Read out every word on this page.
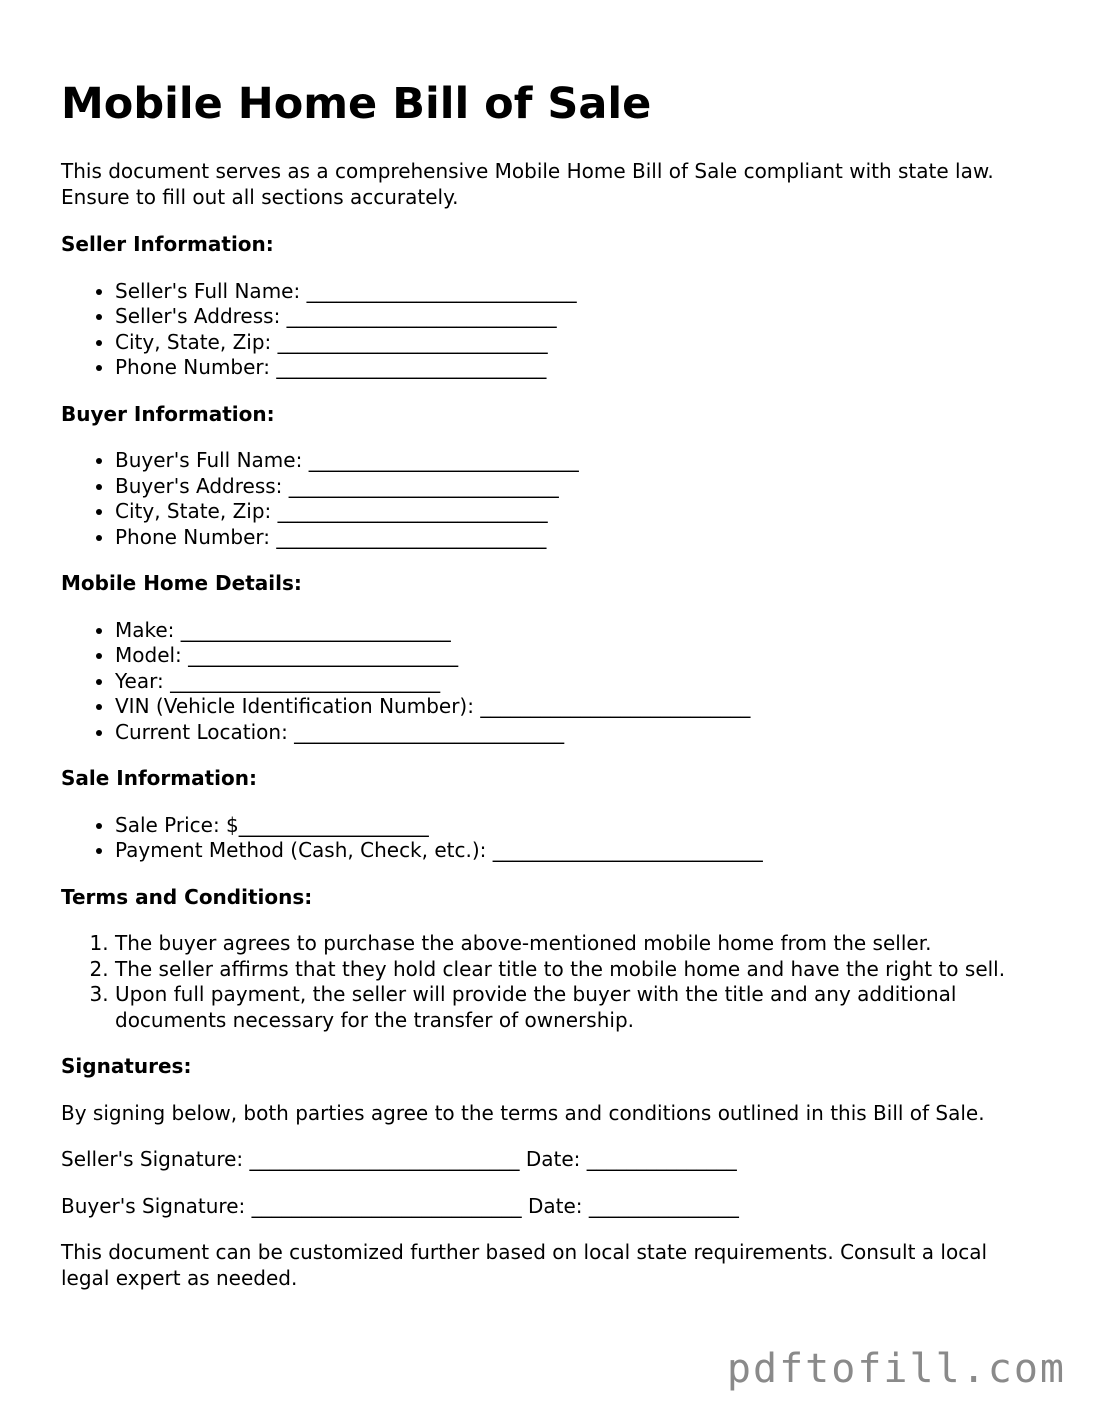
Mobile Home Bill of Sale

This document serves as a comprehensive Mobile Home Bill of Sale compliant with state law. Ensure to fill out all sections accurately.

Seller Information:

• Seller's Full Name: ___________________________
• Seller's Address: ___________________________
• City, State, Zip: ___________________________
• Phone Number: ___________________________

Buyer Information:

• Buyer's Full Name: ___________________________
• Buyer's Address: ___________________________
• City, State, Zip: ___________________________
• Phone Number: ___________________________

Mobile Home Details:

• Make: ___________________________
• Model: ___________________________
• Year: ___________________________
• VIN (Vehicle Identification Number): ___________________________
• Current Location: ___________________________

Sale Information:

• Sale Price: $___________________
• Payment Method (Cash, Check, etc.): ___________________________

Terms and Conditions:

1. The buyer agrees to purchase the above-mentioned mobile home from the seller.
2. The seller affirms that they hold clear title to the mobile home and have the right to sell.
3. Upon full payment, the seller will provide the buyer with the title and any additional documents necessary for the transfer of ownership.

Signatures:

By signing below, both parties agree to the terms and conditions outlined in this Bill of Sale.

Seller's Signature: ___________________________ Date: _______________

Buyer's Signature: ___________________________ Date: _______________

This document can be customized further based on local state requirements. Consult a local legal expert as needed.

pdftofill.com
